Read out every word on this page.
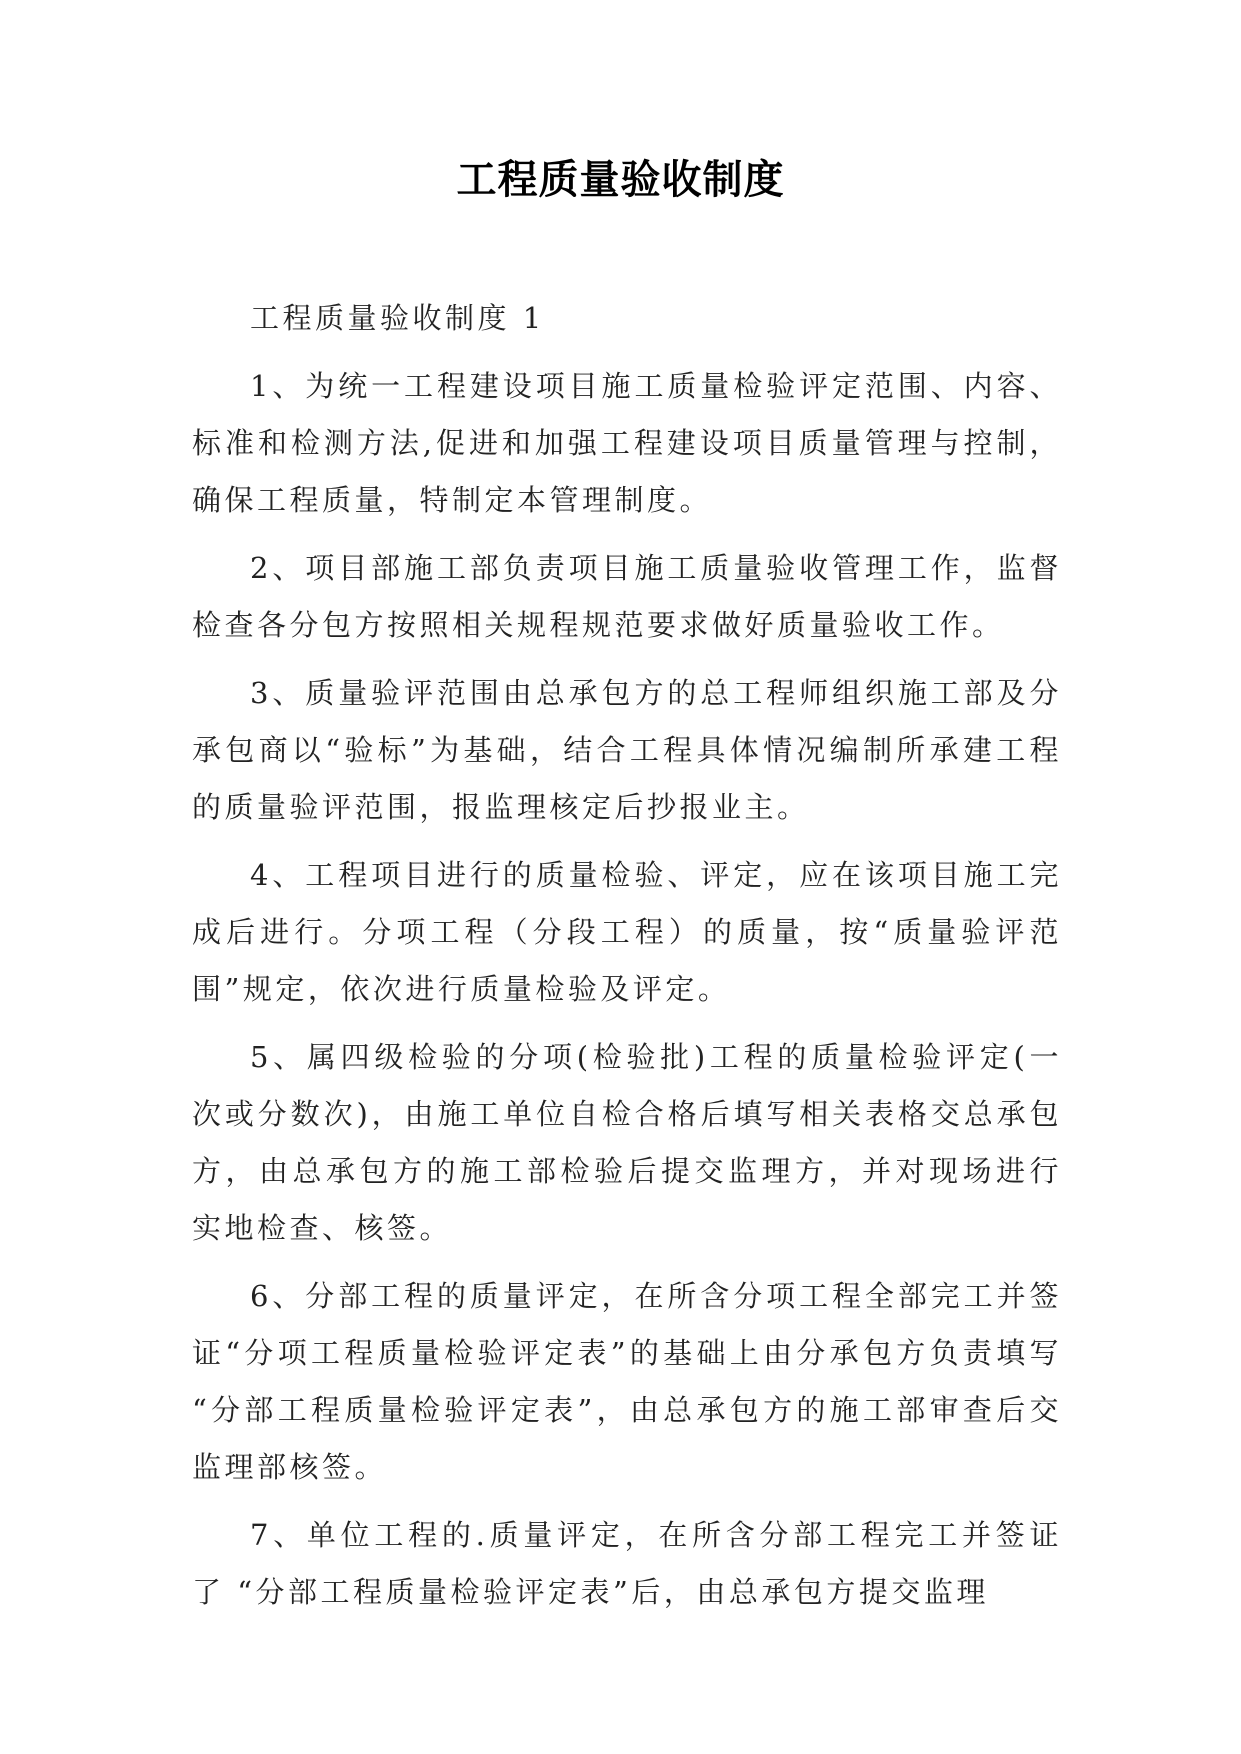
工程质量验收制度

工程质量验收制度 1

1、为统一工程建设项目施工质量检验评定范围、内容、标准和检测方法,促进和加强工程建设项目质量管理与控制，确保工程质量，特制定本管理制度。

2、项目部施工部负责项目施工质量验收管理工作，监督检查各分包方按照相关规程规范要求做好质量验收工作。

3、质量验评范围由总承包方的总工程师组织施工部及分承包商以“验标”为基础，结合工程具体情况编制所承建工程的质量验评范围，报监理核定后抄报业主。

4、工程项目进行的质量检验、评定，应在该项目施工完成后进行。分项工程（分段工程）的质量，按“质量验评范围”规定，依次进行质量检验及评定。

5、属四级检验的分项(检验批)工程的质量检验评定(一次或分数次)，由施工单位自检合格后填写相关表格交总承包方，由总承包方的施工部检验后提交监理方，并对现场进行实地检查、核签。

6、分部工程的质量评定，在所含分项工程全部完工并签证“分项工程质量检验评定表”的基础上由分承包方负责填写 “分部工程质量检验评定表”，由总承包方的施工部审查后交监理部核签。

7、单位工程的.质量评定，在所含分部工程完工并签证了 “分部工程质量检验评定表”后，由总承包方提交监理
